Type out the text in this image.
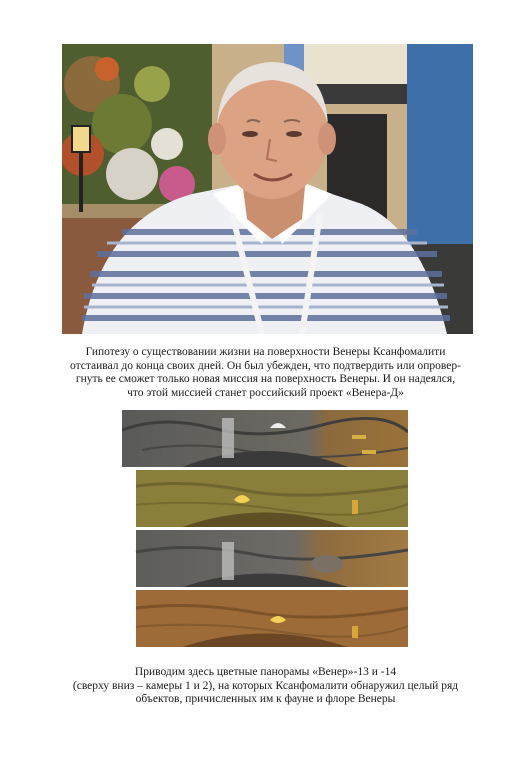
Гипотезу о существовании жизни на поверхности Венеры Ксанфомалити
отстаивал до конца своих дней. Он был убежден, что подтвердить или опровер-
гнуть ее сможет только новая миссия на поверхность Венеры. И он надеялся,
что этой миссией станет российский проект «Венера-Д»
Приводим здесь цветные панорамы «Венер»-13 и -14
(сверху вниз – камеры 1 и 2), на которых Ксанфомалити обнаружил целый ряд
объектов, причисленных им к фауне и флоре Венеры
